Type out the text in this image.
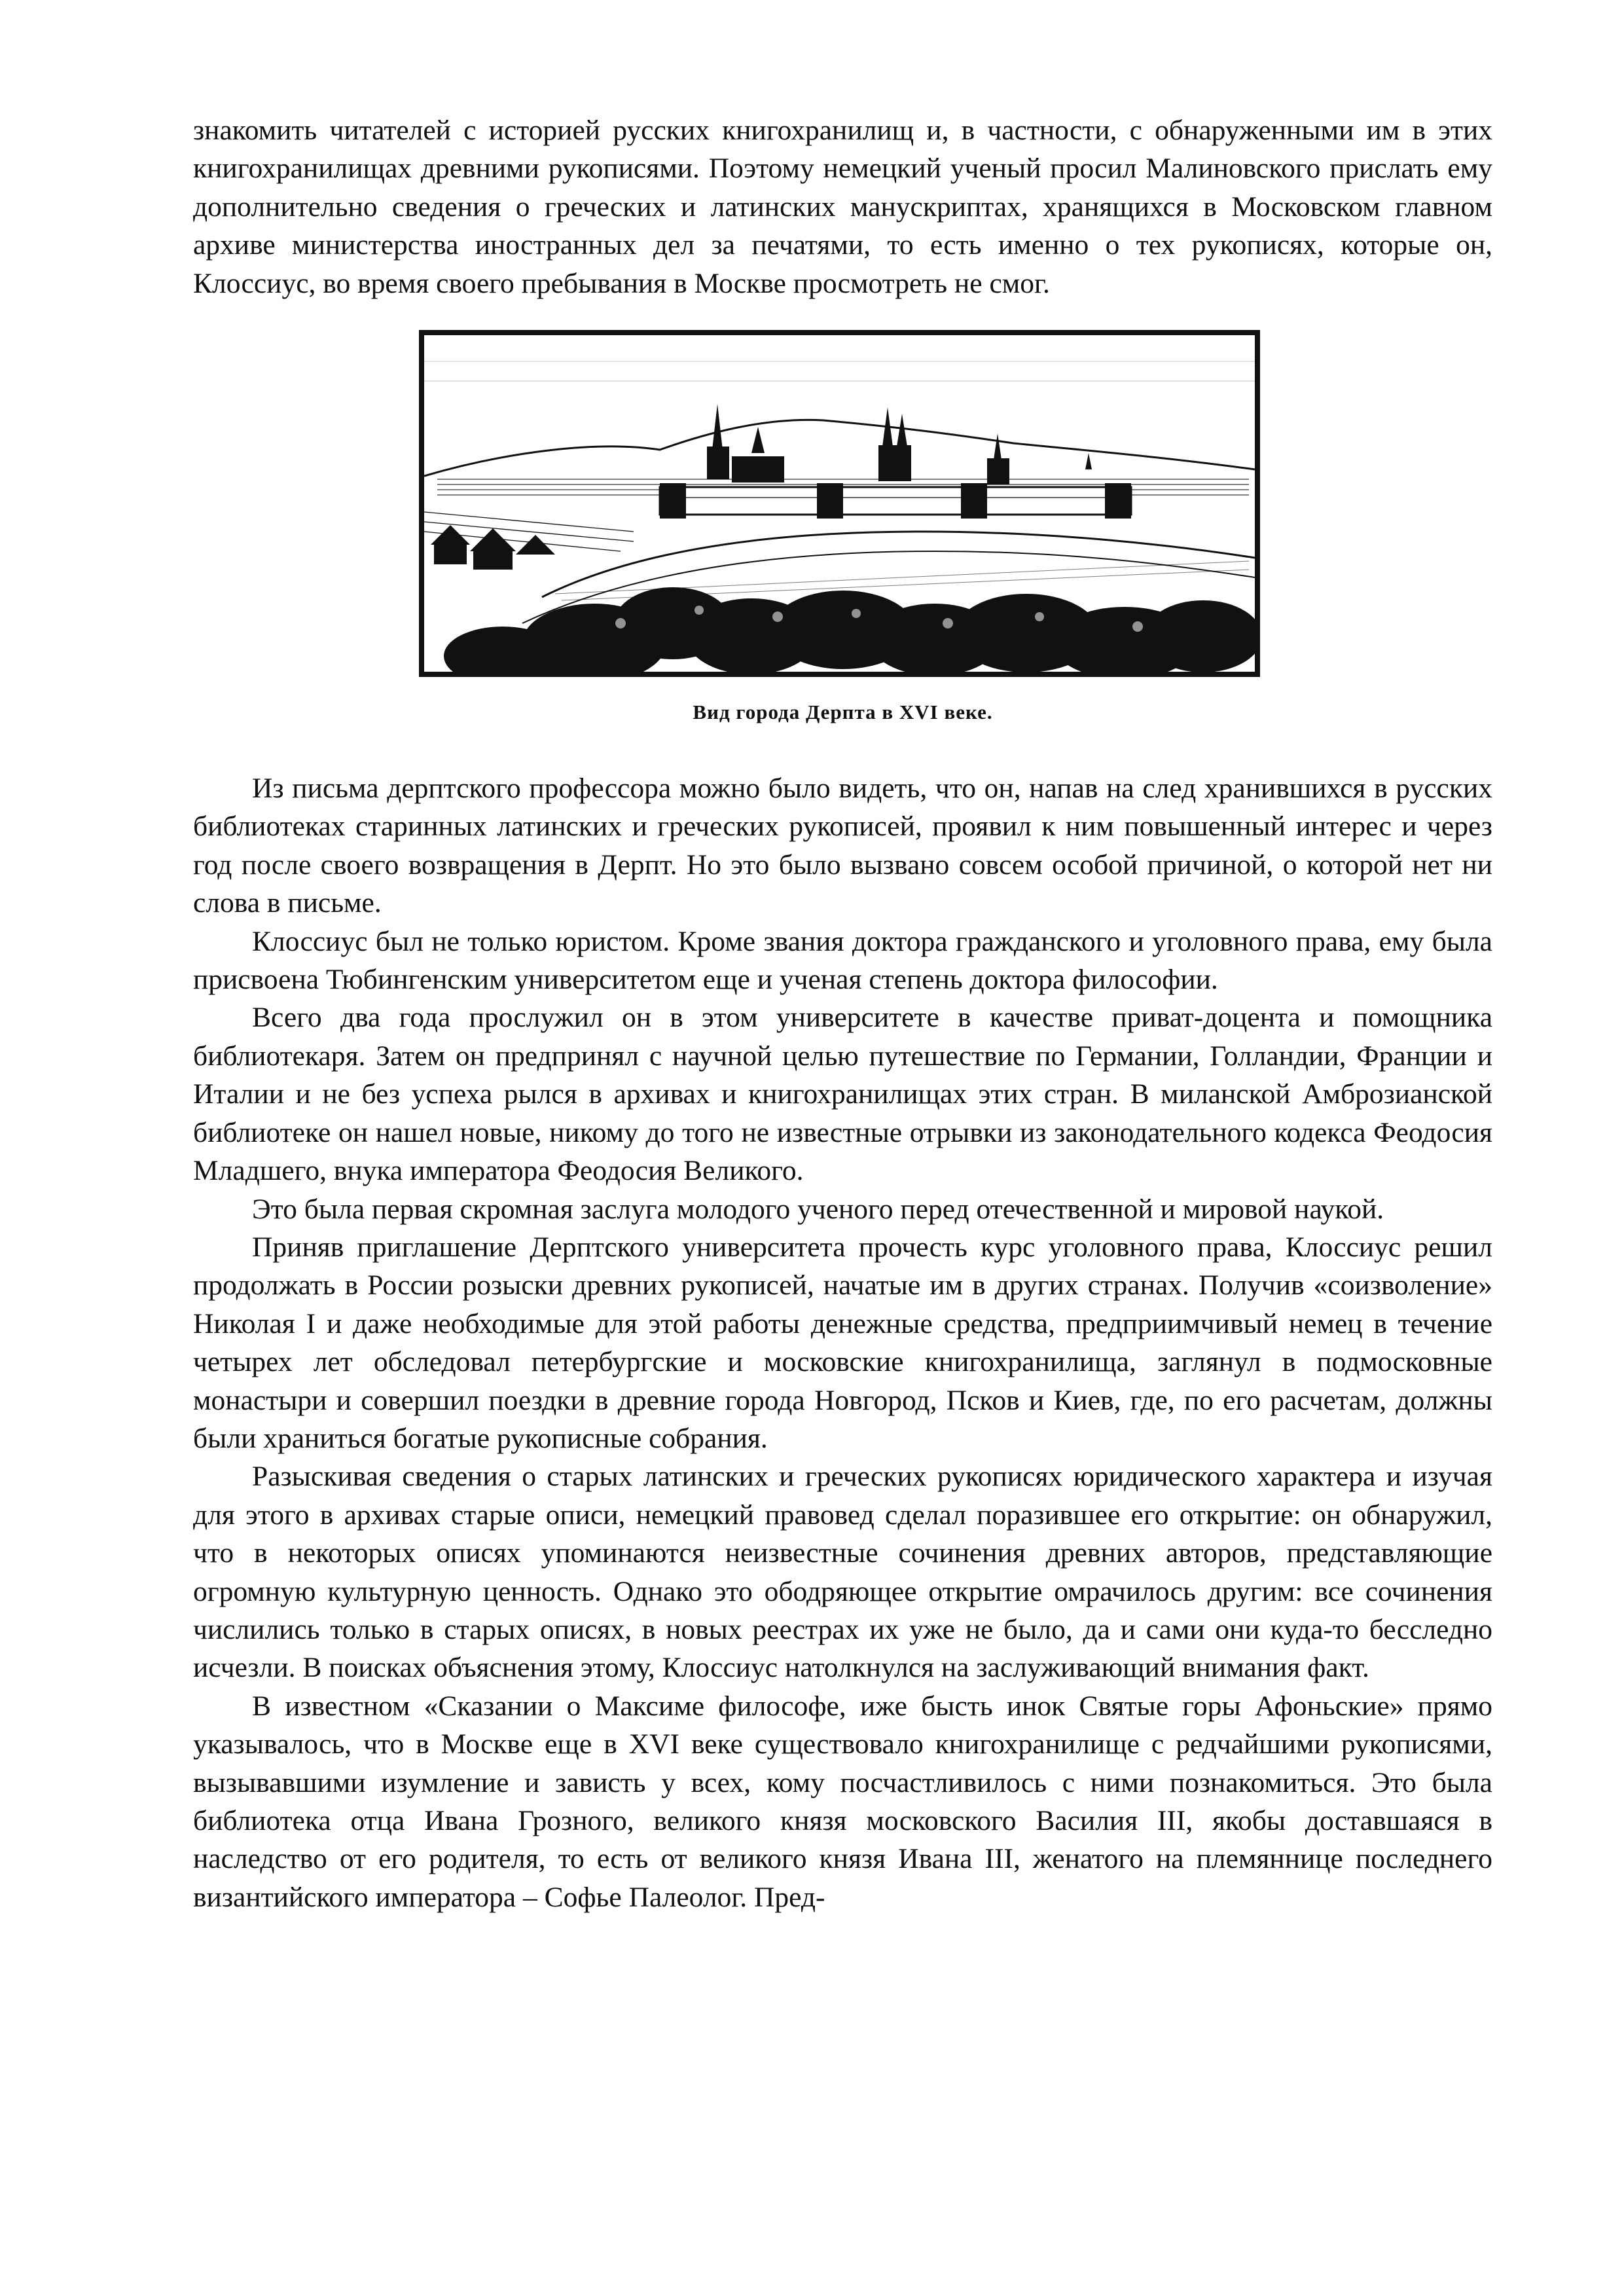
знакомить читателей с историей русских книгохранилищ и, в частности, с обнаруженными им в этих книгохранилищах древними рукописями. Поэтому немецкий ученый просил Малиновского прислать ему дополнительно сведения о греческих и латинских манускриптах, хранящихся в Московском главном архиве министерства иностранных дел за печатями, то есть именно о тех рукописях, которые он, Клоссиус, во время своего пребывания в Москве просмотреть не смог.

Вид города Дерпта в XVI веке.

Из письма дерптского профессора можно было видеть, что он, напав на след хранившихся в русских библиотеках старинных латинских и греческих рукописей, проявил к ним повышенный интерес и через год после своего возвращения в Дерпт. Но это было вызвано совсем особой причиной, о которой нет ни слова в письме.

Клоссиус был не только юристом. Кроме звания доктора гражданского и уголовного права, ему была присвоена Тюбингенским университетом еще и ученая степень доктора философии.

Всего два года прослужил он в этом университете в качестве приват-доцента и помощника библиотекаря. Затем он предпринял с научной целью путешествие по Германии, Голландии, Франции и Италии и не без успеха рылся в архивах и книгохранилищах этих стран. В миланской Амброзианской библиотеке он нашел новые, никому до того не известные отрывки из законодательного кодекса Феодосия Младшего, внука императора Феодосия Великого.

Это была первая скромная заслуга молодого ученого перед отечественной и мировой наукой.

Приняв приглашение Дерптского университета прочесть курс уголовного права, Клоссиус решил продолжать в России розыски древних рукописей, начатые им в других странах. Получив «соизволение» Николая I и даже необходимые для этой работы денежные средства, предприимчивый немец в течение четырех лет обследовал петербургские и московские книгохранилища, заглянул в подмосковные монастыри и совершил поездки в древние города Новгород, Псков и Киев, где, по его расчетам, должны были храниться богатые рукописные собрания.

Разыскивая сведения о старых латинских и греческих рукописях юридического характера и изучая для этого в архивах старые описи, немецкий правовед сделал поразившее его открытие: он обнаружил, что в некоторых описях упоминаются неизвестные сочинения древних авторов, представляющие огромную культурную ценность. Однако это ободряющее открытие омрачилось другим: все сочинения числились только в старых описях, в новых реестрах их уже не было, да и сами они куда-то бесследно исчезли. В поисках объяснения этому, Клоссиус натолкнулся на заслуживающий внимания факт.

В известном «Сказании о Максиме философе, иже бысть инок Святые горы Афоньские» прямо указывалось, что в Москве еще в XVI веке существовало книгохранилище с редчайшими рукописями, вызывавшими изумление и зависть у всех, кому посчастливилось с ними познакомиться. Это была библиотека отца Ивана Грозного, великого князя московского Василия III, якобы доставшаяся в наследство от его родителя, то есть от великого князя Ивана III, женатого на племяннице последнего византийского императора – Софье Палеолог. Пред-
